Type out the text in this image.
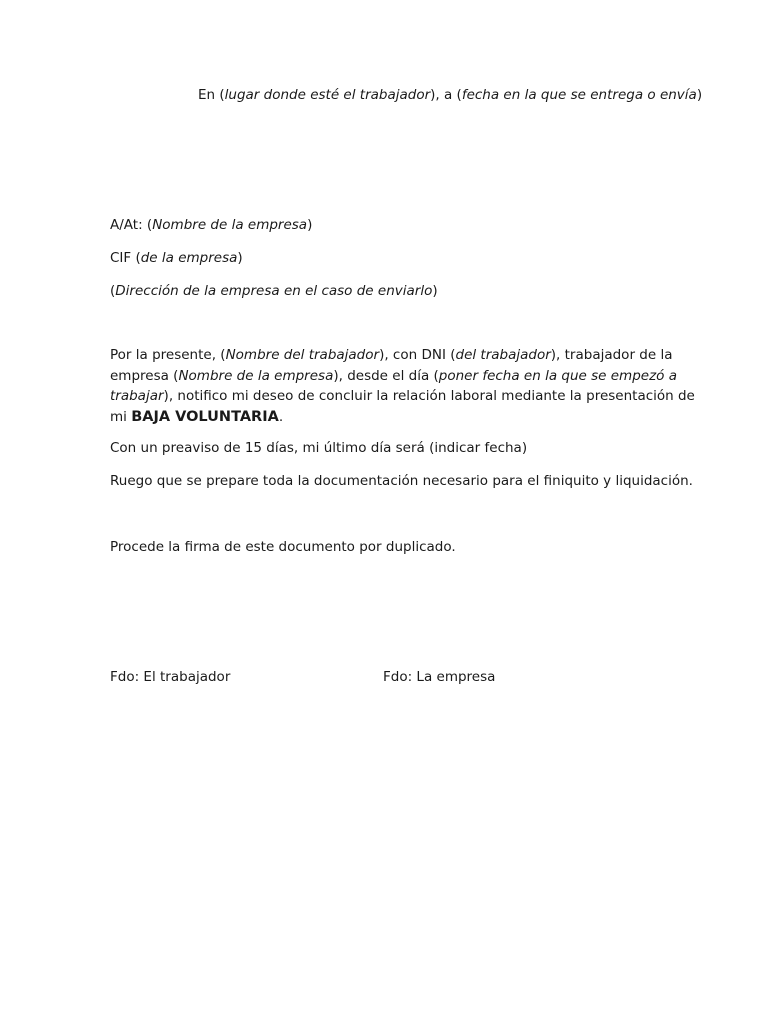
En (lugar donde esté el trabajador), a (fecha en la que se entrega o envía)
A/At: (Nombre de la empresa)
CIF (de la empresa)
(Dirección de la empresa en el caso de enviarlo)
Por la presente, (Nombre del trabajador), con DNI (del trabajador), trabajador de la
empresa (Nombre de la empresa), desde el día (poner fecha en la que se empezó a
trabajar), notifico mi deseo de concluir la relación laboral mediante la presentación de
mi BAJA VOLUNTARIA.
Con un preaviso de 15 días, mi último día será (indicar fecha)
Ruego que se prepare toda la documentación necesario para el finiquito y liquidación.
Procede la firma de este documento por duplicado.
Fdo: El trabajador	Fdo: La empresa
